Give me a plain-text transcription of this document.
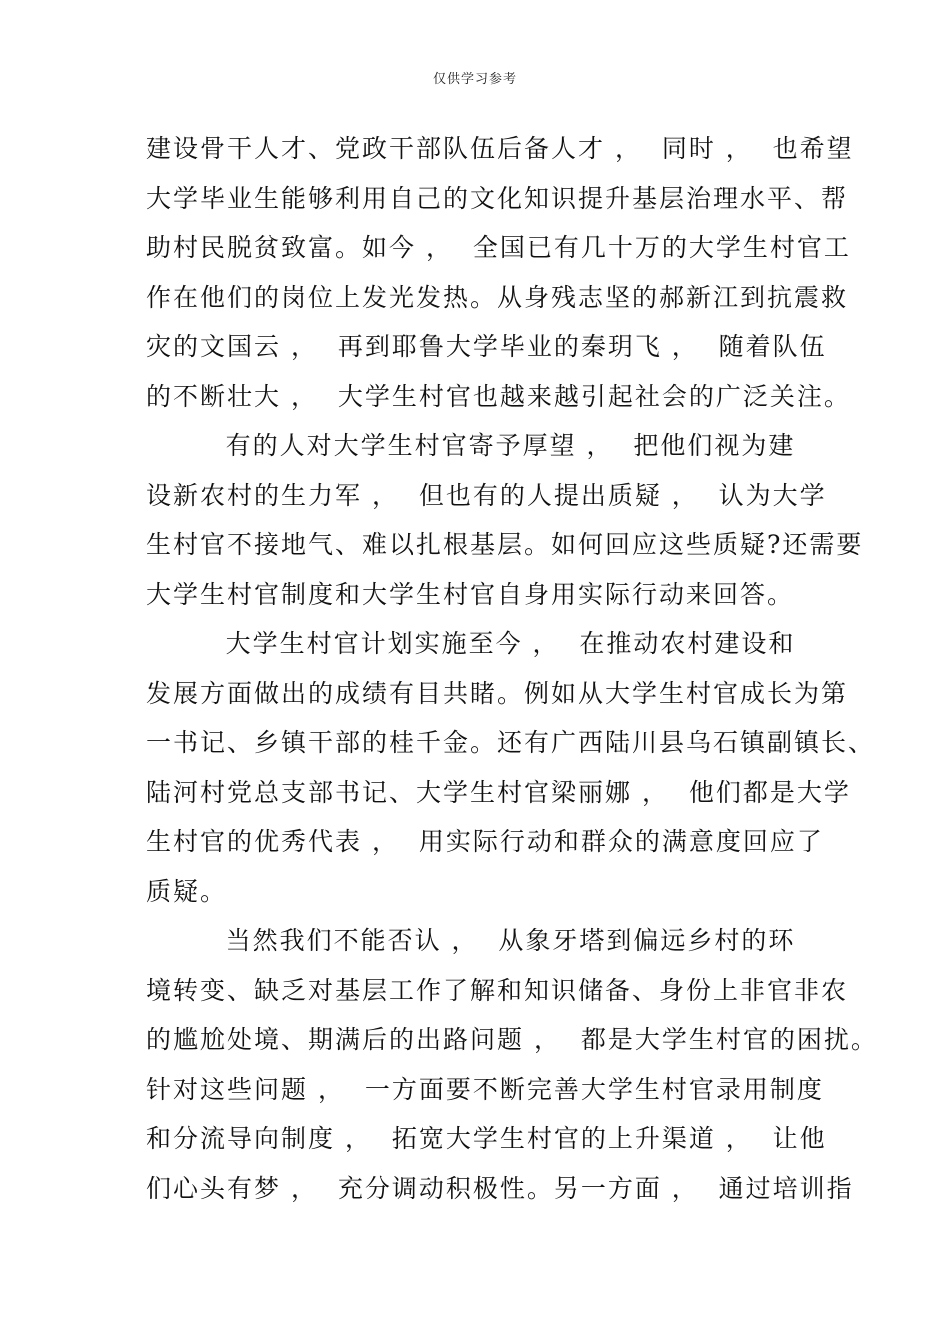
仅供学习参考
建设骨干人才、党政干部队伍后备人才 ，  同时 ，  也希望
大学毕业生能够利用自己的文化知识提升基层治理水平、帮
助村民脱贫致富。如今 ，  全国已有几十万的大学生村官工
作在他们的岗位上发光发热。从身残志坚的郝新江到抗震救
灾的文国云 ，  再到耶鲁大学毕业的秦玥飞 ，  随着队伍
的不断壮大 ，  大学生村官也越来越引起社会的广泛关注。
有的人对大学生村官寄予厚望 ，  把他们视为建
设新农村的生力军 ，  但也有的人提出质疑 ，  认为大学
生村官不接地气、难以扎根基层。如何回应这些质疑?还需要
大学生村官制度和大学生村官自身用实际行动来回答。
大学生村官计划实施至今 ，  在推动农村建设和
发展方面做出的成绩有目共睹。例如从大学生村官成长为第
一书记、乡镇干部的桂千金。还有广西陆川县乌石镇副镇长、
陆河村党总支部书记、大学生村官梁丽娜 ，  他们都是大学
生村官的优秀代表 ，  用实际行动和群众的满意度回应了
质疑。
当然我们不能否认 ，  从象牙塔到偏远乡村的环
境转变、缺乏对基层工作了解和知识储备、身份上非官非农
的尴尬处境、期满后的出路问题 ，  都是大学生村官的困扰。
针对这些问题 ，  一方面要不断完善大学生村官录用制度
和分流导向制度 ，  拓宽大学生村官的上升渠道 ，  让他
们心头有梦 ，  充分调动积极性。另一方面 ，  通过培训指
